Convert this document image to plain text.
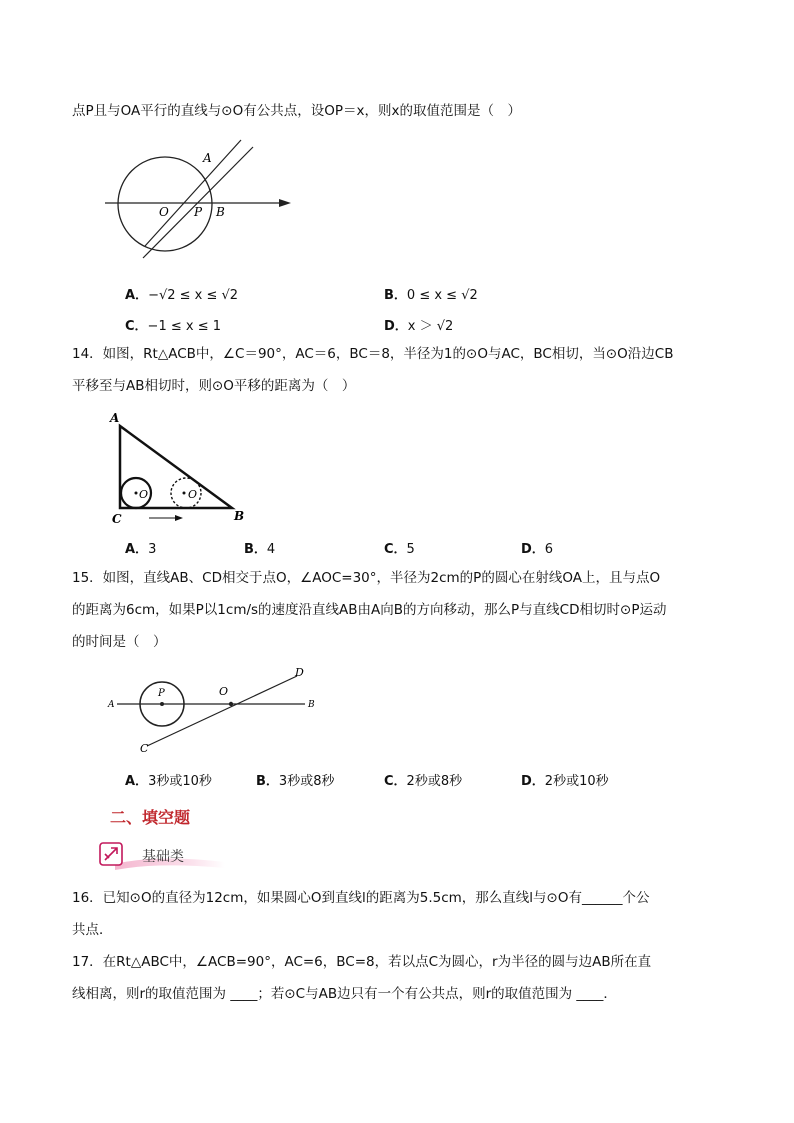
点P且与OA平行的直线与⊙O有公共点，设OP＝x，则x的取值范围是（　）
A
O P B
A．−√2 ≤ x ≤ √2	B．0 ≤ x ≤ √2
C．−1 ≤ x ≤ 1	D．x ＞ √2
14．如图，Rt△ACB中，∠C＝90°，AC＝6，BC＝8，半径为1的⊙O与AC，BC相切，当⊙O沿边CB
平移至与AB相切时，则⊙O平移的距离为（　）
A
B
C
O	O
A．3	B．4	C．5	D．6
15．如图，直线AB、CD相交于点O，∠AOC=30°，半径为2cm的P的圆心在射线OA上，且与点O
的距离为6cm，如果P以1cm/s的速度沿直线AB由A向B的方向移动，那么P与直线CD相切时⊙P运动
的时间是（　）
A
P	O
D
B
C
A．3秒或10秒	B．3秒或8秒	C．2秒或8秒	D．2秒或10秒
二、填空题
基础类
16．已知⊙O的直径为12cm，如果圆心O到直线l的距离为5.5cm，那么直线l与⊙O有______个公
共点．
17．在Rt△ABC中，∠ACB=90°，AC=6，BC=8，若以点C为圆心，r为半径的圆与边AB所在直
线相离，则r的取值范围为 ____；若⊙C与AB边只有一个有公共点，则r的取值范围为 ____．
